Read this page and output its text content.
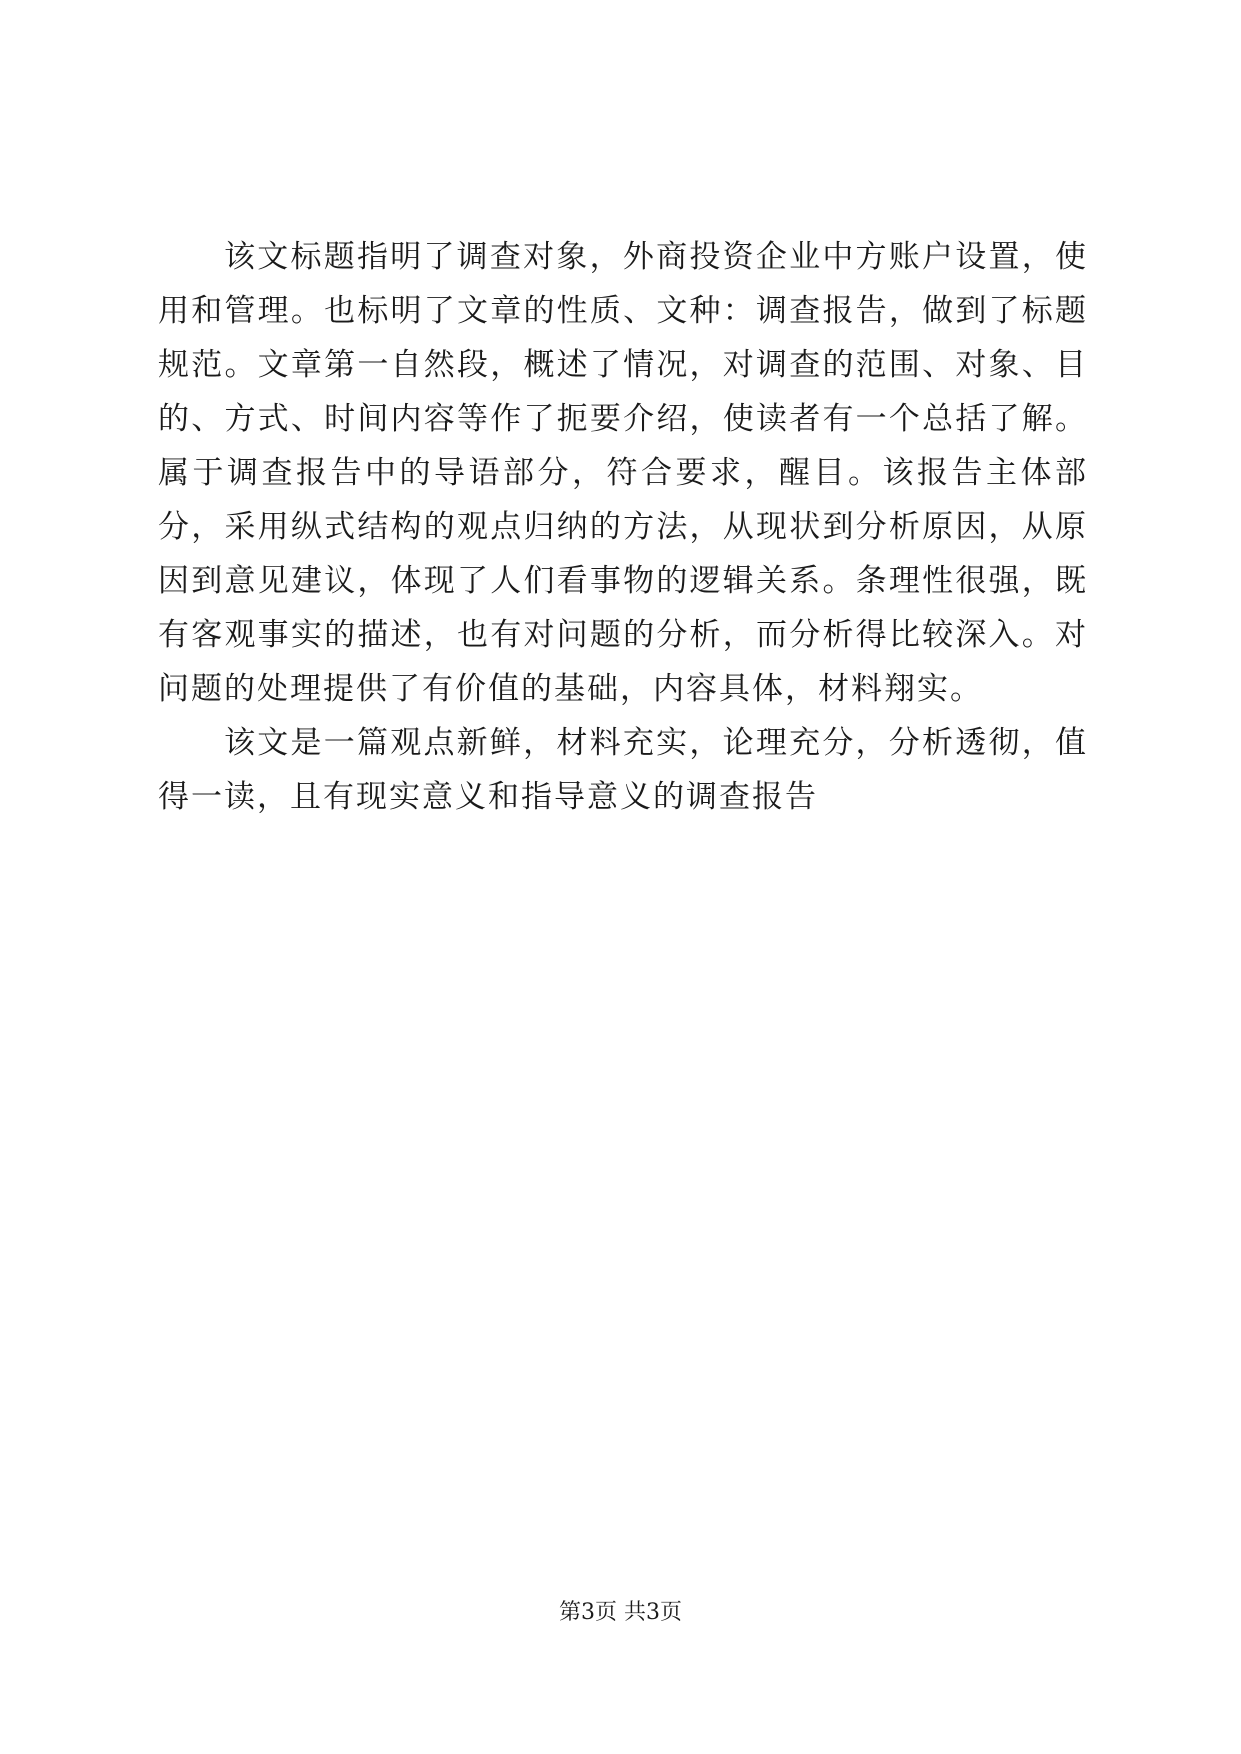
该文标题指明了调查对象，外商投资企业中方账户设置，使用和管理。也标明了文章的性质、文种：调查报告，做到了标题规范。文章第一自然段，概述了情况，对调查的范围、对象、目的、方式、时间内容等作了扼要介绍，使读者有一个总括了解。属于调查报告中的导语部分，符合要求，醒目。该报告主体部分，采用纵式结构的观点归纳的方法，从现状到分析原因，从原因到意见建议，体现了人们看事物的逻辑关系。条理性很强，既有客观事实的描述，也有对问题的分析，而分析得比较深入。对问题的处理提供了有价值的基础，内容具体，材料翔实。

该文是一篇观点新鲜，材料充实，论理充分，分析透彻，值得一读，且有现实意义和指导意义的调查报告

第3页 共3页
